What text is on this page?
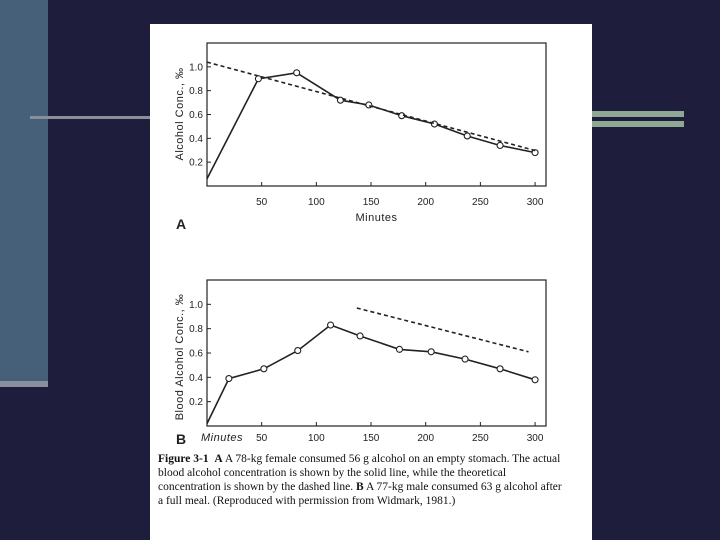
0.2
0.4
0.6
0.8
1.0
50	100	150	200	250	300
Alcohol Conc., ‰
Minutes
A
0.2
0.4
0.6
0.8
1.0
50	100	150	200	250	300
Blood Alcohol Conc., ‰
Minutes
B
Figure 3-1 A A 78-kg female consumed 56 g alcohol on an empty stomach. The actual blood alcohol concentration is shown by the solid line, while the theoretical concentration is shown by the dashed line. B A 77-kg male consumed 63 g alcohol after a full meal. (Reproduced with permission from Widmark, 1981.)
